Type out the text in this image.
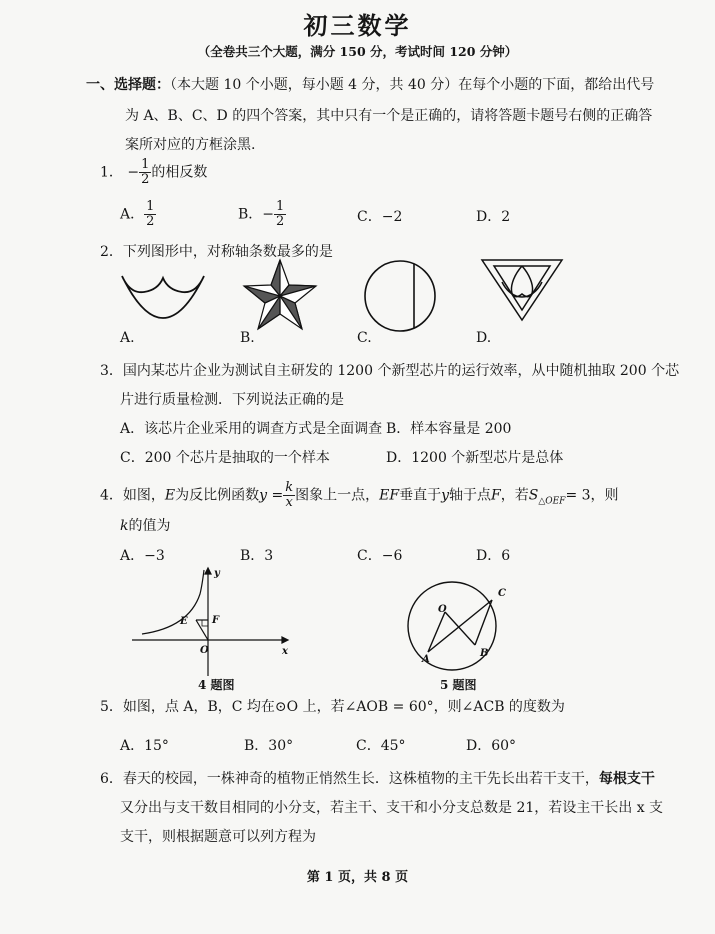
初三数学
（全卷共三个大题，满分 150 分，考试时间 120 分钟）
一、选择题：（本大题 10 个小题，每小题 4 分，共 40 分）在每个小题的下面，都给出代号
为 A、B、C、D 的四个答案，其中只有一个是正确的，请将答题卡题号右侧的正确答
案所对应的方框涂黑.
1． − $\frac{1}{2}$ 的相反数
A． $\frac{1}{2}$	B．− $\frac{1}{2}$	C．−2	D．2
2．下列图形中，对称轴条数最多的是
A.	B.	C.	D.
3．国内某芯片企业为测试自主研发的 1200 个新型芯片的运行效率，从中随机抽取 200 个芯
片进行质量检测．下列说法正确的是
A．该芯片企业采用的调查方式是全面调查 B．样本容量是 200
C．200 个芯片是抽取的一个样本	D．1200 个新型芯片是总体
4．如图，E为反比例函数$y = \frac{k}{x}$ 图象上一点，EF垂直于y轴于点F，若$S_{\triangle OEF}= 3$，则
k的值为
A．−3	B．3	C．−6	D．6
E F
O	x
y
4 题图
O
A
B
C
5 题图
5．如图，点 A，B，C 均在⊙O 上，若∠AOB = 60°，则∠ACB 的度数为
A．15°	B．30°	C．45°	D．60°
6．春天的校园，一株神奇的植物正悄然生长．这株植物的主干先长出若干支干，每根支干
又分出与支干数目相同的小分支，若主干、支干和小分支总数是 21，若设主干长出 x 支
支干，则根据题意可以列方程为
第 1 页，共 8 页
